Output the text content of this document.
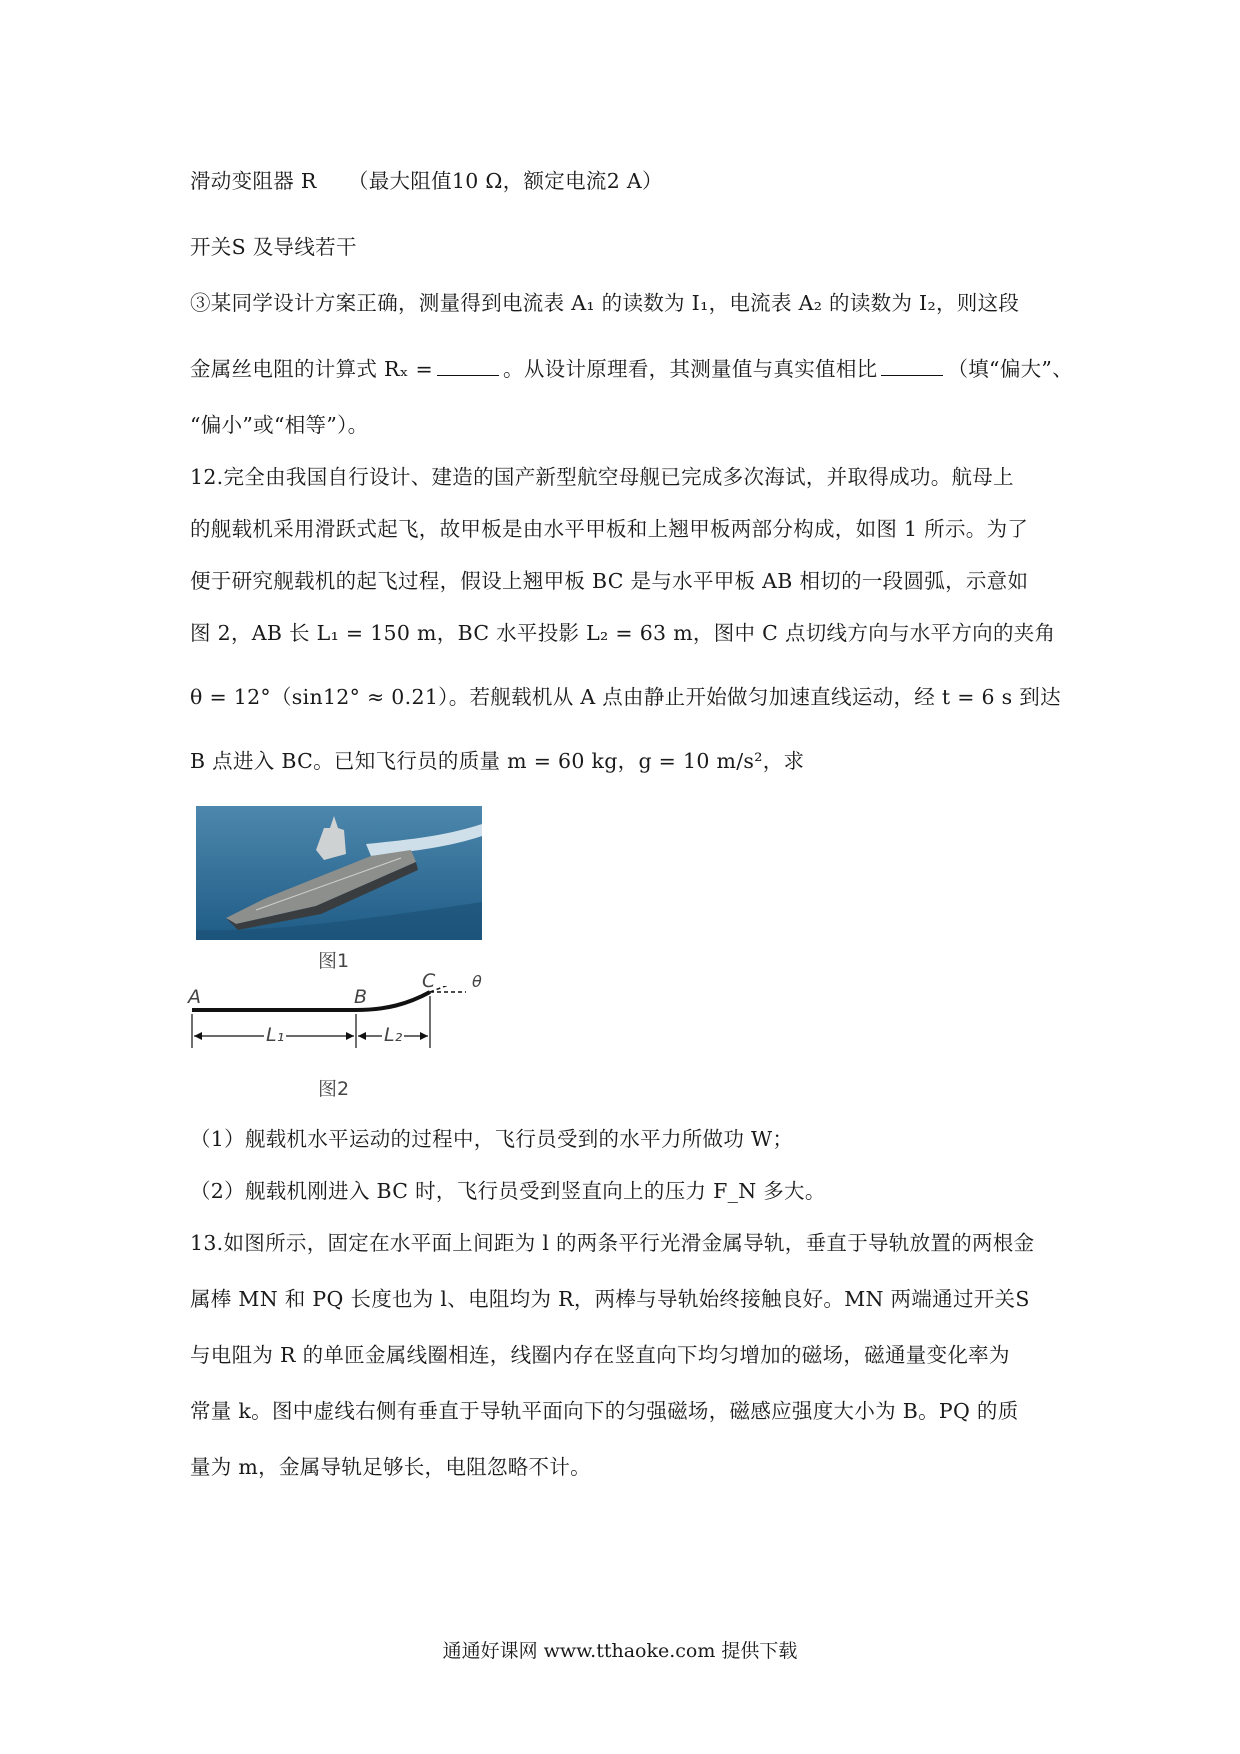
滑动变阻器 R　　（最大阻值10 Ω，额定电流2 A）
开关S 及导线若干
③某同学设计方案正确，测量得到电流表 A₁ 的读数为 I₁，电流表 A₂ 的读数为 I₂，则这段
金属丝电阻的计算式 Rₓ =	。从设计原理看，其测量值与真实值相比	（填“偏大”、
“偏小”或“相等”）。
12.完全由我国自行设计、建造的国产新型航空母舰已完成多次海试，并取得成功。航母上
的舰载机采用滑跃式起飞，故甲板是由水平甲板和上翘甲板两部分构成，如图 1 所示。为了
便于研究舰载机的起飞过程，假设上翘甲板 BC 是与水平甲板 AB 相切的一段圆弧，示意如
图 2，AB 长 L₁ = 150 m，BC 水平投影 L₂ = 63 m，图中 C 点切线方向与水平方向的夹角
θ = 12°（sin12° ≈ 0.21）。若舰载机从 A 点由静止开始做匀加速直线运动，经 t = 6 s 到达
B 点进入 BC。已知飞行员的质量 m = 60 kg，g = 10 m/s²，求
图1
A	B
C θ
L₁	L₂
图2
（1）舰载机水平运动的过程中，飞行员受到的水平力所做功 W；
（2）舰载机刚进入 BC 时，飞行员受到竖直向上的压力 F_N 多大。
13.如图所示，固定在水平面上间距为 l 的两条平行光滑金属导轨，垂直于导轨放置的两根金
属棒 MN 和 PQ 长度也为 l、电阻均为 R，两棒与导轨始终接触良好。MN 两端通过开关S
与电阻为 R 的单匝金属线圈相连，线圈内存在竖直向下均匀增加的磁场，磁通量变化率为
常量 k。图中虚线右侧有垂直于导轨平面向下的匀强磁场，磁感应强度大小为 B。PQ 的质
量为 m，金属导轨足够长，电阻忽略不计。
通通好课网 www.tthaoke.com 提供下载
